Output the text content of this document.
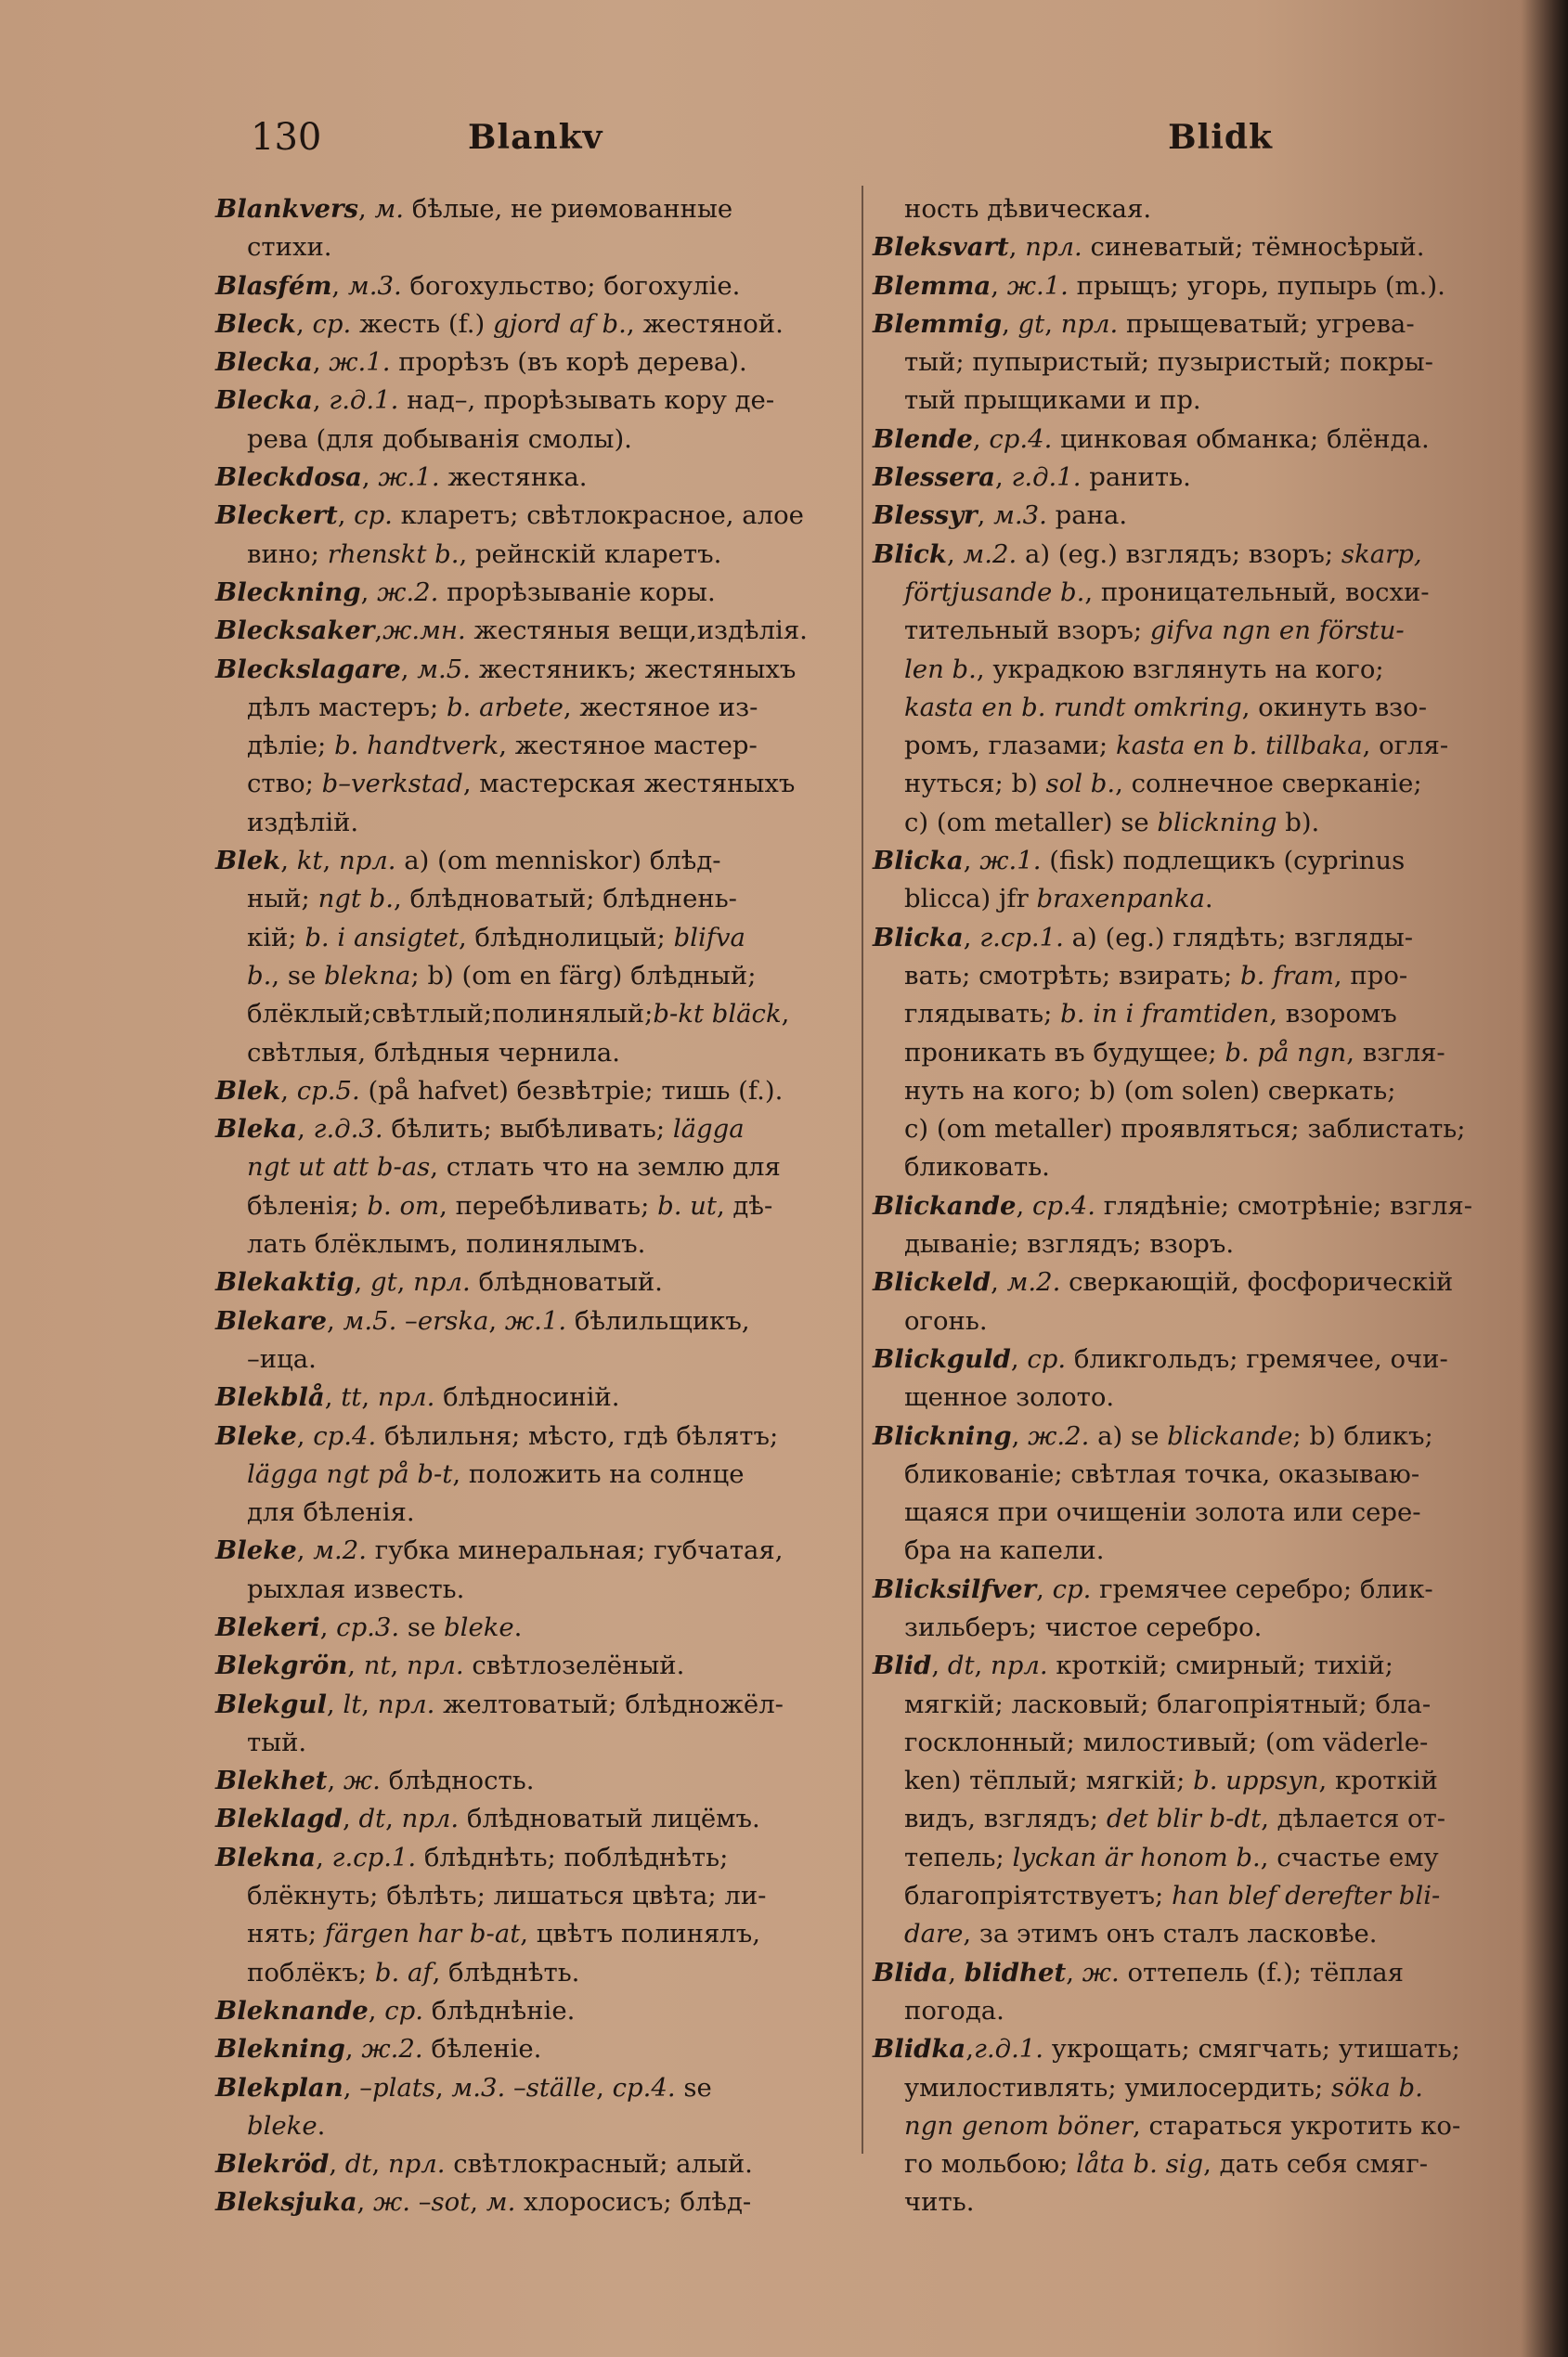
130	Blankv	Blidk
Blankvers, м. бѣлые, не риѳмованные
стихи.
Blasfém, м.3. богохульство; богохуліе.
Bleck, ср. жесть (f.) gjord af b., жестяной.
Blecka, ж.1. прорѣзъ (въ корѣ дерева).
Blecka, г.д.1. над–, прорѣзывать кору де-
рева (для добыванія смолы).
Bleckdosa, ж.1. жестянка.
Bleckert, ср. кларетъ; свѣтлокрасное, алое
вино; rhenskt b., рейнскій кларетъ.
Bleckning, ж.2. прорѣзываніе коры.
Blecksaker,ж.мн. жестяныя вещи,издѣлія.
Bleckslagare, м.5. жестяникъ; жестяныхъ
дѣлъ мастеръ; b. arbete, жестяное из-
дѣліе; b. handtverk, жестяное мастер-
ство; b–verkstad, мастерская жестяныхъ
издѣлій.
Blek, kt, прл. a) (om menniskor) блѣд-
ный; ngt b., блѣдноватый; блѣднень-
кій; b. i ansigtet, блѣднолицый; blifva
b., se blekna; b) (om en färg) блѣдный;
блёклый;свѣтлый;полинялый;b-kt bläck,
свѣтлыя, блѣдныя чернила.
Blek, ср.5. (på hafvet) безвѣтріе; тишь (f.).
Bleka, г.д.3. бѣлить; выбѣливать; lägga
ngt ut att b-as, стлать что на землю для
бѣленія; b. om, перебѣливать; b. ut, дѣ-
лать блёклымъ, полинялымъ.
Blekaktig, gt, прл. блѣдноватый.
Blekare, м.5. –erska, ж.1. бѣлильщикъ,
–ица.
Blekblå, tt, прл. блѣдносиній.
Bleke, ср.4. бѣлильня; мѣсто, гдѣ бѣлятъ;
lägga ngt på b-t, положить на солнце
для бѣленія.
Bleke, м.2. губка минеральная; губчатая,
рыхлая известь.
Blekeri, ср.3. se bleke.
Blekgrön, nt, прл. свѣтлозелёный.
Blekgul, lt, прл. желтоватый; блѣдножёл-
тый.
Blekhet, ж. блѣдность.
Bleklagd, dt, прл. блѣдноватый лицёмъ.
Blekna, г.ср.1. блѣднѣть; поблѣднѣть;
блёкнуть; бѣлѣть; лишаться цвѣта; ли-
нять; färgen har b-at, цвѣтъ полинялъ,
поблёкъ; b. af, блѣднѣть.
Bleknande, ср. блѣднѣніе.
Blekning, ж.2. бѣленіе.
Blekplan, –plats, м.3. –ställe, ср.4. se
bleke.
Blekröd, dt, прл. свѣтлокрасный; алый.
Bleksjuka, ж. –sot, м. хлоросисъ; блѣд-
ность дѣвическая.
Bleksvart, прл. синеватый; тёмносѣрый.
Blemma, ж.1. прыщъ; угорь, пупырь (m.).
Blemmig, gt, прл. прыщеватый; угрева-
тый; пупыристый; пузыристый; покры-
тый прыщиками и пр.
Blende, ср.4. цинковая обманка; блёнда.
Blessera, г.д.1. ранить.
Blessyr, м.3. рана.
Blick, м.2. a) (eg.) взглядъ; взоръ; skarp,
förtjusande b., проницательный, восхи-
тительный взоръ; gifva ngn en förstu-
len b., украдкою взглянуть на кого;
kasta en b. rundt omkring, окинуть взо-
ромъ, глазами; kasta en b. tillbaka, огля-
нуться; b) sol b., солнечное сверканіе;
c) (om metaller) se blickning b).
Blicka, ж.1. (fisk) подлещикъ (cyprinus
blicca) jfr braxenpanka.
Blicka, г.ср.1. a) (eg.) глядѣть; взгляды-
вать; смотрѣть; взирать; b. fram, про-
глядывать; b. in i framtiden, взоромъ
проникать въ будущее; b. på ngn, взгля-
нуть на кого; b) (om solen) сверкать;
c) (om metaller) проявляться; заблистать;
бликовать.
Blickande, ср.4. глядѣніе; смотрѣніе; взгля-
дываніе; взглядъ; взоръ.
Blickeld, м.2. сверкающій, фосфорическій
огонь.
Blickguld, ср. бликгольдъ; гремячее, очи-
щенное золото.
Blickning, ж.2. a) se blickande; b) бликъ;
бликованіе; свѣтлая точка, оказываю-
щаяся при очищеніи золота или сере-
бра на капели.
Blicksilfver, ср. гремячее серебро; блик-
зильберъ; чистое серебро.
Blid, dt, прл. кроткій; смирный; тихій;
мягкій; ласковый; благопріятный; бла-
госклонный; милостивый; (om väderle-
ken) тёплый; мягкій; b. uppsyn, кроткій
видъ, взглядъ; det blir b-dt, дѣлается от-
тепель; lyckan är honom b., счастье ему
благопріятствуетъ; han blef derefter bli-
dare, за этимъ онъ сталъ ласковѣе.
Blida, blidhet, ж. оттепель (f.); тёплая
погода.
Blidka,г.д.1. укрощать; смягчать; утишать;
умилостивлять; умилосердить; söka b.
ngn genom böner, стараться укротить ко-
го мольбою; låta b. sig, дать себя смяг-
чить.
